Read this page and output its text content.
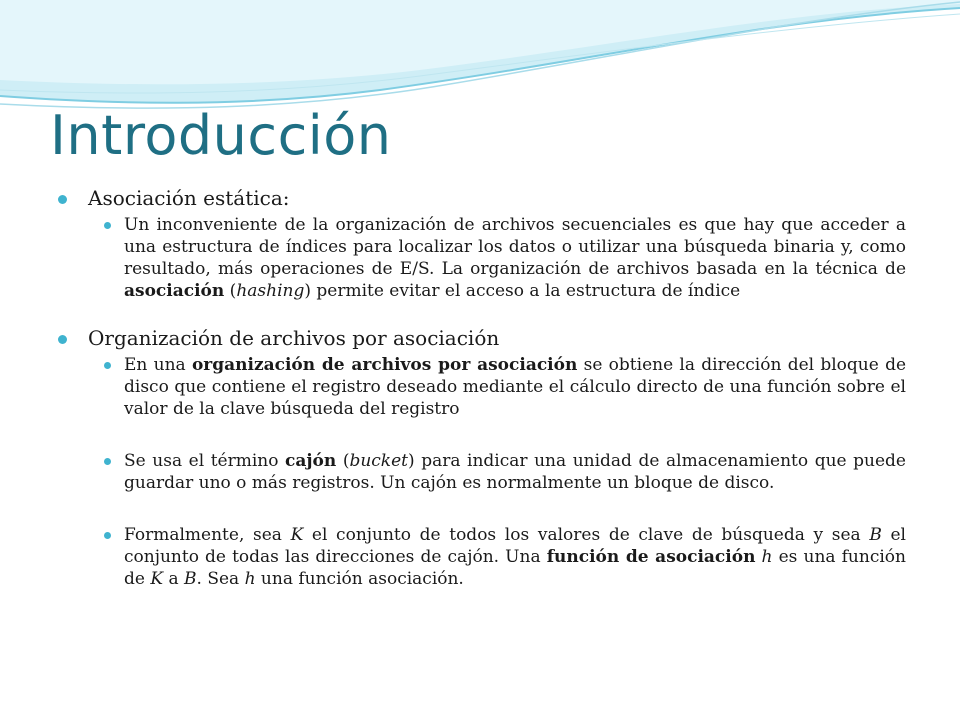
Introducción

Asociación estática:

Un inconveniente de la organización de archivos secuenciales es que hay que acceder a una estructura de índices para localizar los datos o utilizar una búsqueda binaria y, como resultado, más operaciones de E/S. La organización de archivos basada en la técnica de asociación (hashing) permite evitar el acceso a la estructura de índice

Organización de archivos por asociación

En una organización de archivos por asociación se obtiene la dirección del bloque de disco que contiene el registro deseado mediante el cálculo directo de una función sobre el valor de la clave búsqueda del registro

Se usa el término cajón (bucket) para indicar una unidad de almacenamiento que puede guardar uno o más registros. Un cajón es normalmente un bloque de disco.

Formalmente, sea K el conjunto de todos los valores de clave de búsqueda y sea B el conjunto de todas las direcciones de cajón. Una función de asociación h es una función de K a B. Sea h una función asociación.
